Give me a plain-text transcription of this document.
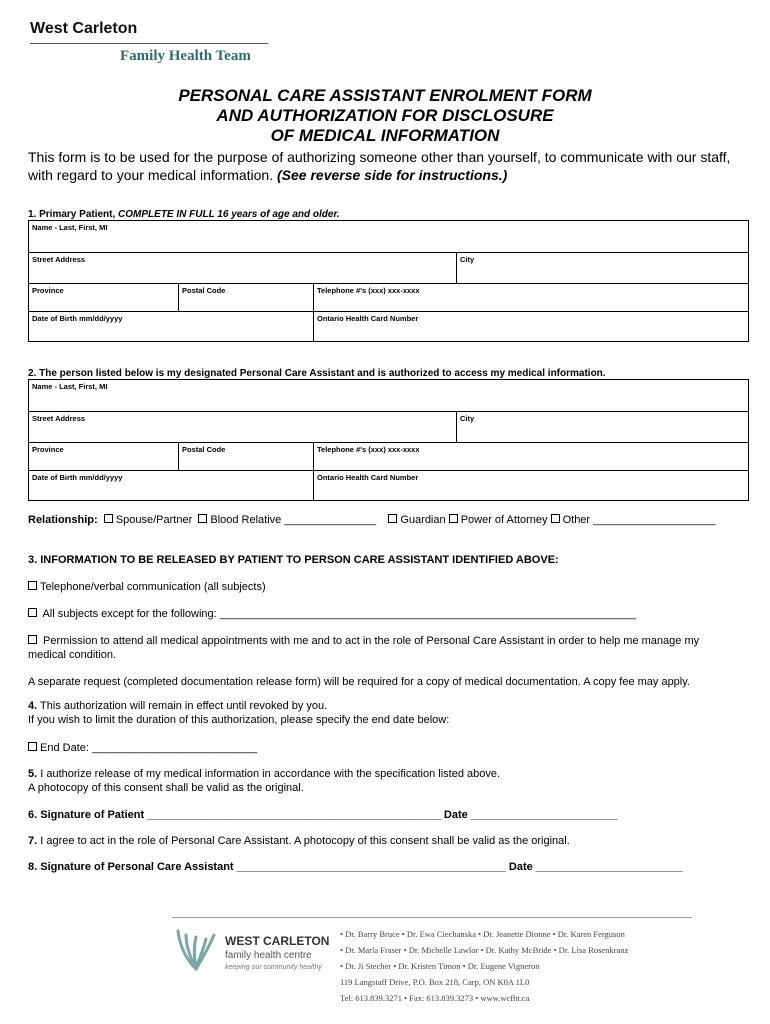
West Carleton
Family Health Team
PERSONAL CARE ASSISTANT ENROLMENT FORM
AND AUTHORIZATION FOR DISCLOSURE
OF MEDICAL INFORMATION
This form is to be used for the purpose of authorizing someone other than yourself, to communicate with our staff, with regard to your medical information. (See reverse side for instructions.)
1. Primary Patient, COMPLETE IN FULL 16 years of age and older.
Name - Last, First, MI			
Street Address			City
Province	Postal Code	Telephone #'s (xxx) xxx-xxxx	
Date of Birth mm/dd/yyyy		Ontario Health Card Number	
2. The person listed below is my designated Personal Care Assistant and is authorized to access my medical information.
Name - Last, First, MI			
Street Address			City
Province	Postal Code	Telephone #'s (xxx) xxx-xxxx	
Date of Birth mm/dd/yyyy		Ontario Health Card Number	
Relationship: Spouse/Partner Blood Relative _______________ Guardian Power of Attorney Other ____________________
3. INFORMATION TO BE RELEASED BY PATIENT TO PERSON CARE ASSISTANT IDENTIFIED ABOVE:
Telephone/verbal communication (all subjects)
All subjects except for the following: ____________________________________________________________________
Permission to attend all medical appointments with me and to act in the role of Personal Care Assistant in order to help me manage my
medical condition.
A separate request (completed documentation release form) will be required for a copy of medical documentation. A copy fee may apply.
4. This authorization will remain in effect until revoked by you.
If you wish to limit the duration of this authorization, please specify the end date below:
End Date: ___________________________
5. I authorize release of my medical information in accordance with the specification listed above.
A photocopy of this consent shall be valid as the original.
6. Signature of Patient ________________________________________________ Date ________________________
7. I agree to act in the role of Personal Care Assistant. A photocopy of this consent shall be valid as the original.
8. Signature of Personal Care Assistant ____________________________________________ Date ________________________
WEST CARLETON
family health centre
keeping our community healthy
• Dr. Barry Bruce • Dr. Ewa Ciechanska • Dr. Jeanette Dionne • Dr. Karen Ferguson
• Dr. Marla Fraser • Dr. Michelle Lawlor • Dr. Kathy McBride • Dr. Lisa Rosenkranz
• Dr. Ji Stecher • Dr. Kristen Timon • Dr. Eugene Vigneron
119 Langstaff Drive, P.O. Box 218, Carp, ON K0A 1L0
Tel: 613.839.3271 • Fax: 613.839.3273 • www.wcfht.ca
